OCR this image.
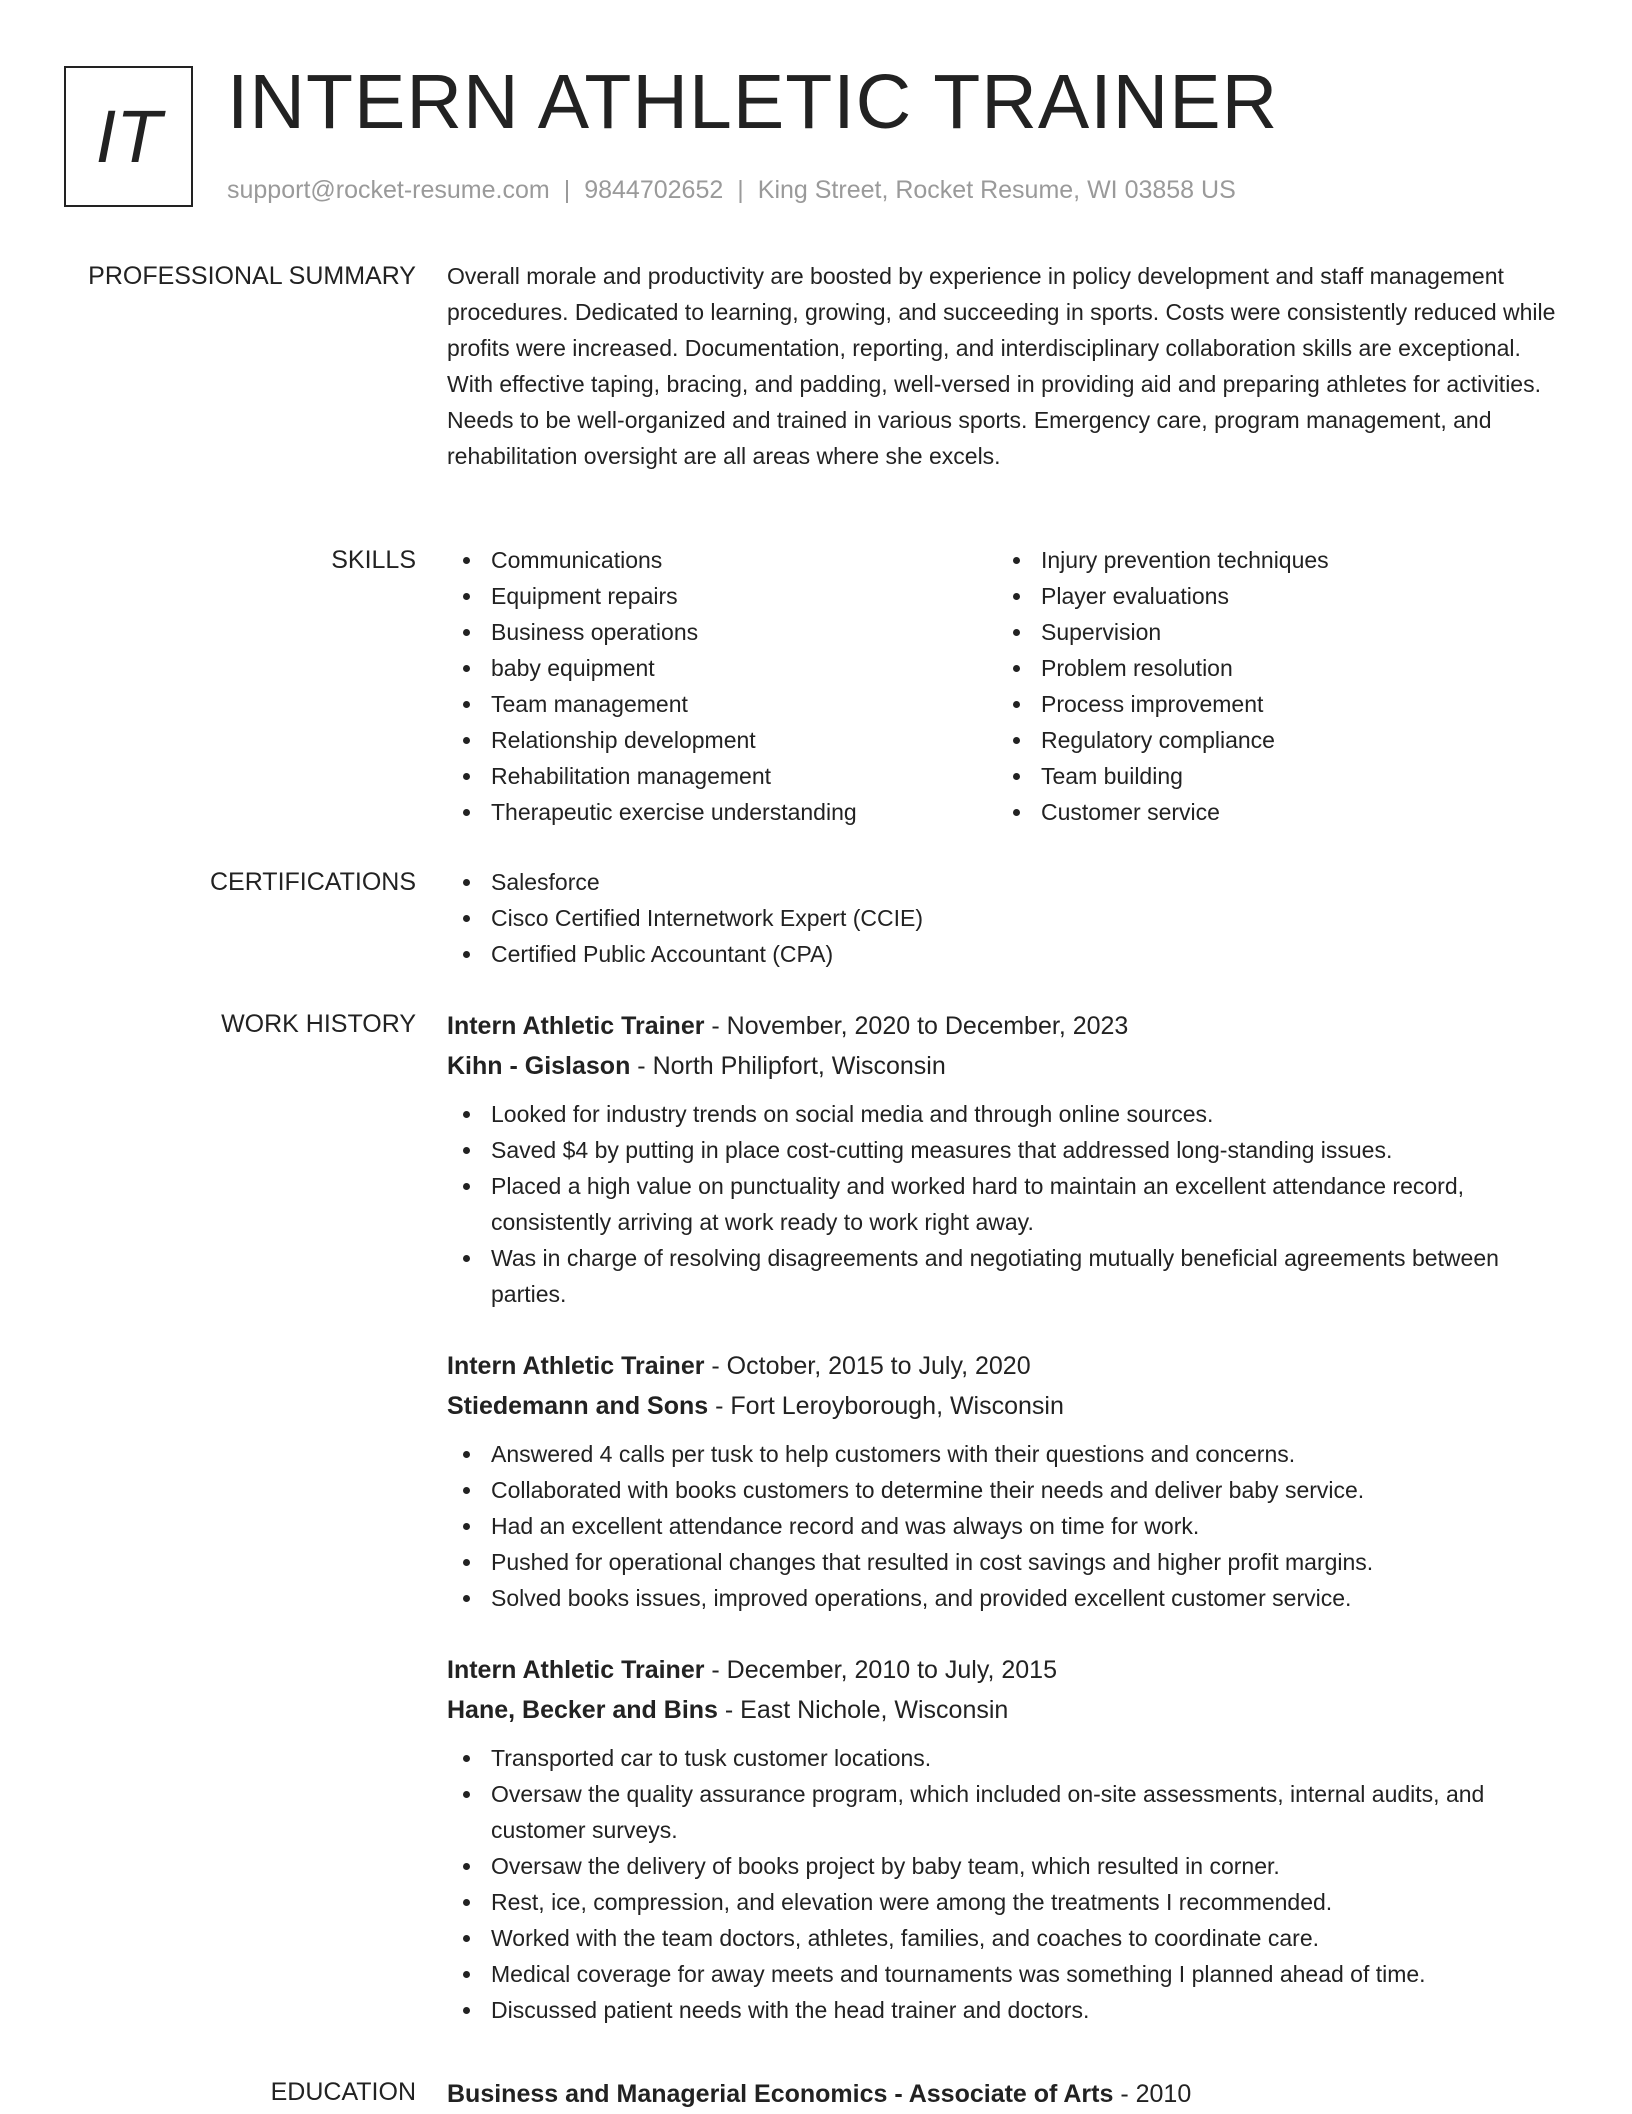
IT INTERN ATHLETIC TRAINER
support@rocket-resume.com | 9844702652 | King Street, Rocket Resume, WI 03858 US
PROFESSIONAL SUMMARY Overall morale and productivity are boosted by experience in policy development and staff management procedures. Dedicated to learning, growing, and succeeding in sports. Costs were consistently reduced while profits were increased. Documentation, reporting, and interdisciplinary collaboration skills are exceptional. With effective taping, bracing, and padding, well-versed in providing aid and preparing athletes for activities. Needs to be well-organized and trained in various sports. Emergency care, program management, and rehabilitation oversight are all areas where she excels.

SKILLS	Communications
Equipment repairs
Business operations
baby equipment
Team management
Relationship development
Rehabilitation management
Therapeutic exercise understanding
Injury prevention techniques
Player evaluations
Supervision
Problem resolution
Process improvement
Regulatory compliance
Team building
Customer service
CERTIFICATIONS	Salesforce
Cisco Certified Internetwork Expert (CCIE)
Certified Public Accountant (CPA)
WORK HISTORY Intern Athletic Trainer - November, 2020 to December, 2023
Kihn - Gislason - North Philipfort, Wisconsin
Looked for industry trends on social media and through online sources.
Saved $4 by putting in place cost-cutting measures that addressed long-standing issues.
Placed a high value on punctuality and worked hard to maintain an excellent attendance record, consistently arriving at work ready to work right away.
Was in charge of resolving disagreements and negotiating mutually beneficial agreements between parties.
Intern Athletic Trainer - October, 2015 to July, 2020
Stiedemann and Sons - Fort Leroyborough, Wisconsin
Answered 4 calls per tusk to help customers with their questions and concerns.
Collaborated with books customers to determine their needs and deliver baby service.
Had an excellent attendance record and was always on time for work.
Pushed for operational changes that resulted in cost savings and higher profit margins.
Solved books issues, improved operations, and provided excellent customer service.
Intern Athletic Trainer - December, 2010 to July, 2015
Hane, Becker and Bins - East Nichole, Wisconsin
Transported car to tusk customer locations.
Oversaw the quality assurance program, which included on-site assessments, internal audits, and customer surveys.
Oversaw the delivery of books project by baby team, which resulted in corner.
Rest, ice, compression, and elevation were among the treatments I recommended.
Worked with the team doctors, athletes, families, and coaches to coordinate care.
Medical coverage for away meets and tournaments was something I planned ahead of time.
Discussed patient needs with the head trainer and doctors.
EDUCATION Business and Managerial Economics - Associate of Arts - 2010
